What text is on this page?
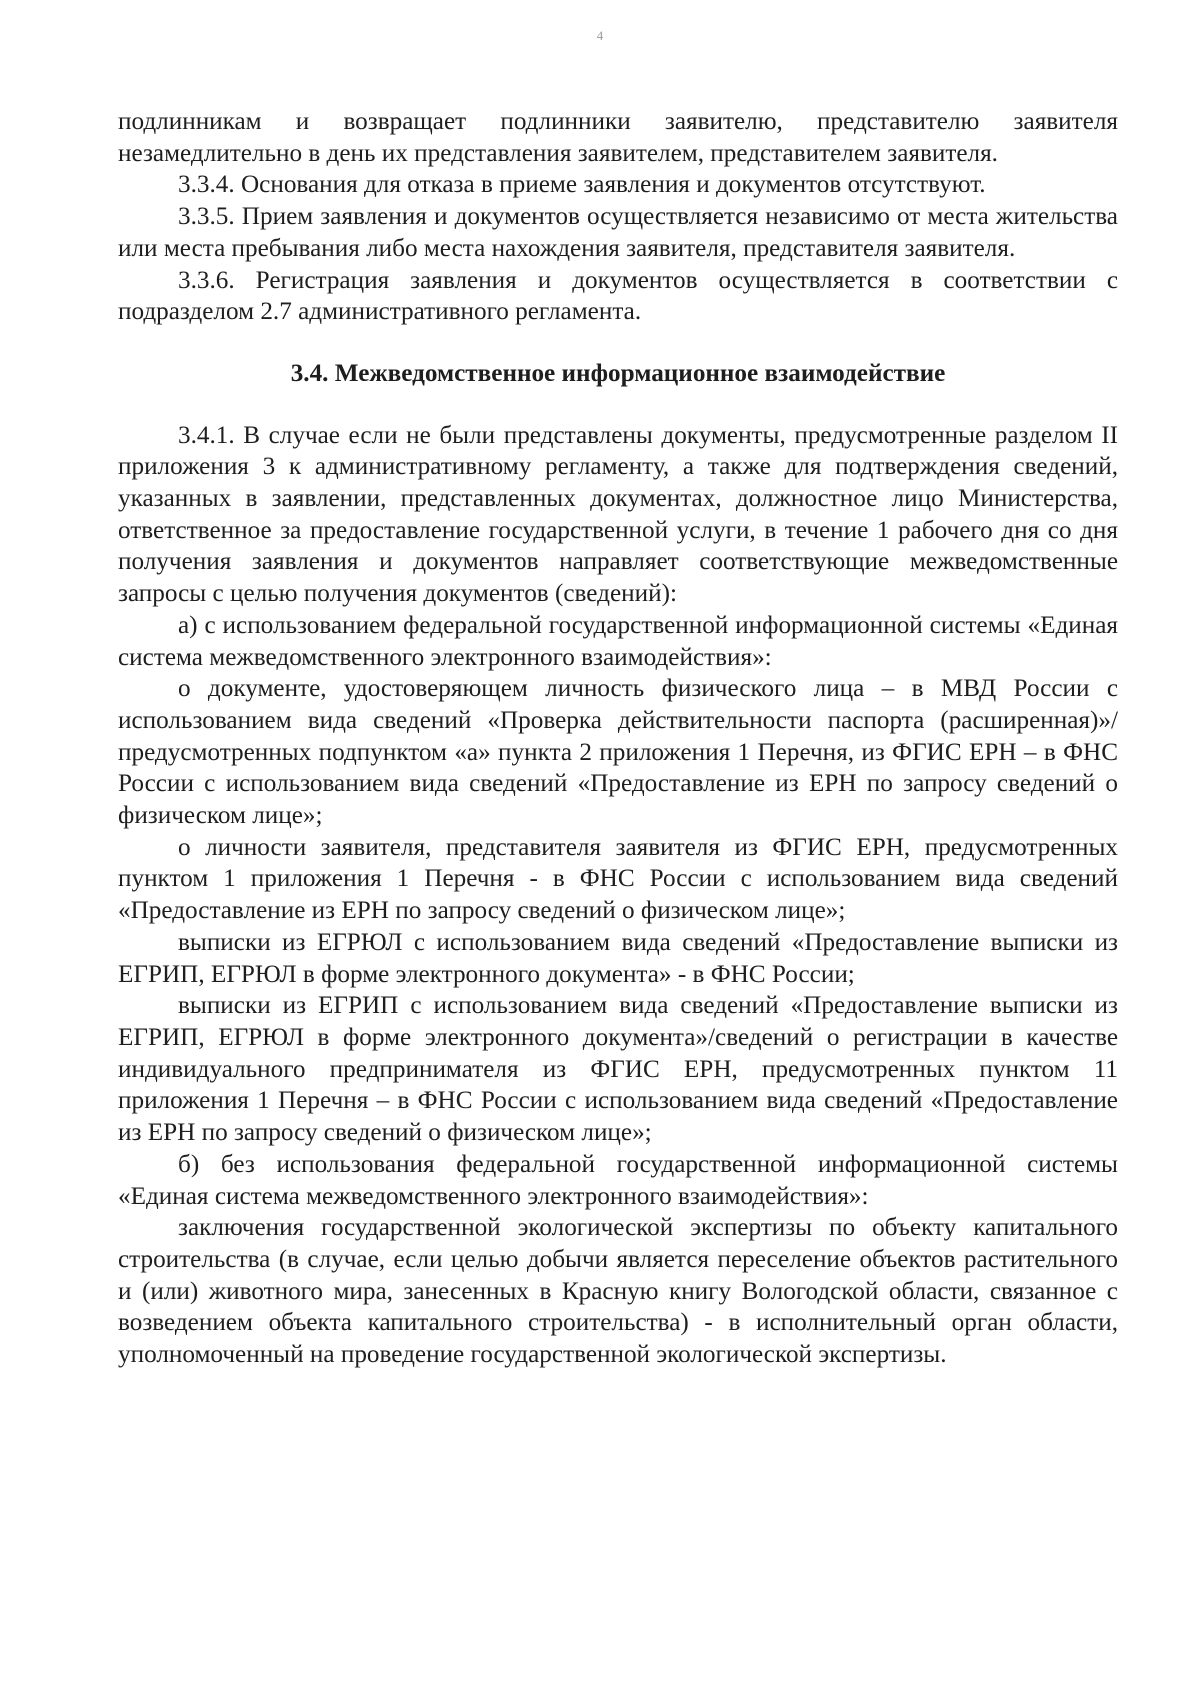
4

подлинникам и возвращает подлинники заявителю, представителю заявителя незамедлительно в день их представления заявителем, представителем заявителя.

3.3.4. Основания для отказа в приеме заявления и документов отсутствуют.

3.3.5. Прием заявления и документов осуществляется независимо от места жительства или места пребывания либо места нахождения заявителя, представителя заявителя.

3.3.6. Регистрация заявления и документов осуществляется в соответствии с подразделом 2.7 административного регламента.

3.4. Межведомственное информационное взаимодействие

3.4.1. В случае если не были представлены документы, предусмотренные разделом II приложения 3 к административному регламенту, а также для подтверждения сведений, указанных в заявлении, представленных документах, должностное лицо Министерства, ответственное за предоставление государственной услуги, в течение 1 рабочего дня со дня получения заявления и документов направляет соответствующие межведомственные запросы с целью получения документов (сведений):

а) с использованием федеральной государственной информационной системы «Единая система межведомственного электронного взаимодействия»:

о документе, удостоверяющем личность физического лица – в МВД России с использованием вида сведений «Проверка действительности паспорта (расширенная)»/предусмотренных подпунктом «а» пункта 2 приложения 1 Перечня, из ФГИС ЕРН – в ФНС России с использованием вида сведений «Предоставление из ЕРН по запросу сведений о физическом лице»;

о личности заявителя, представителя заявителя из ФГИС ЕРН, предусмотренных пунктом 1 приложения 1 Перечня - в ФНС России с использованием вида сведений «Предоставление из ЕРН по запросу сведений о физическом лице»;

выписки из ЕГРЮЛ с использованием вида сведений «Предоставление выписки из ЕГРИП, ЕГРЮЛ в форме электронного документа» - в ФНС России;

выписки из ЕГРИП с использованием вида сведений «Предоставление выписки из ЕГРИП, ЕГРЮЛ в форме электронного документа»/сведений о регистрации в качестве индивидуального предпринимателя из ФГИС ЕРН, предусмотренных пунктом 11 приложения 1 Перечня – в ФНС России с использованием вида сведений «Предоставление из ЕРН по запросу сведений о физическом лице»;

б) без использования федеральной государственной информационной системы «Единая система межведомственного электронного взаимодействия»:

заключения государственной экологической экспертизы по объекту капитального строительства (в случае, если целью добычи является переселение объектов растительного и (или) животного мира, занесенных в Красную книгу Вологодской области, связанное с возведением объекта капитального строительства) - в исполнительный орган области, уполномоченный на проведение государственной экологической экспертизы.
